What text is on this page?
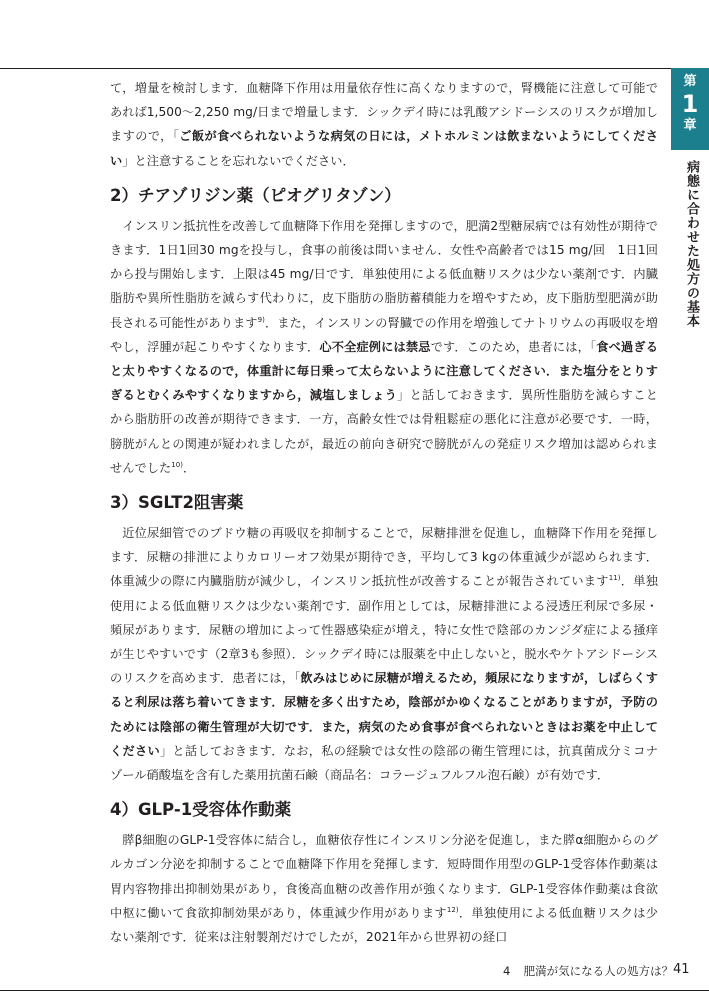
第
1
章
病態に合わせた処方の基本

て，増量を検討します．血糖降下作用は用量依存性に高くなりますので，腎機能に注意して可能であれば1,500～2,250 mg/日まで増量します．シックデイ時には乳酸アシドーシスのリスクが増加しますので，「ご飯が食べられないような病気の日には，メトホルミンは飲まないようにしてください」と注意することを忘れないでください．

2）チアゾリジン薬（ピオグリタゾン）

インスリン抵抗性を改善して血糖降下作用を発揮しますので，肥満2型糖尿病では有効性が期待できます．1日1回30 mgを投与し，食事の前後は問いません．女性や高齢者では15 mg/回　1日1回から投与開始します．上限は45 mg/日です．単独使用による低血糖リスクは少ない薬剤です．内臓脂肪や異所性脂肪を減らす代わりに，皮下脂肪の脂肪蓄積能力を増やすため，皮下脂肪型肥満が助長される可能性があります$^{9)}$．また，インスリンの腎臓での作用を増強してナトリウムの再吸収を増やし，浮腫が起こりやすくなります．心不全症例には禁忌です．このため，患者には，「食べ過ぎると太りやすくなるので，体重計に毎日乗って太らないように注意してください．また塩分をとりすぎるとむくみやすくなりますから，減塩しましょう」と話しておきます．異所性脂肪を減らすことから脂肪肝の改善が期待できます．一方，高齢女性では骨粗鬆症の悪化に注意が必要です．一時，膀胱がんとの関連が疑われましたが，最近の前向き研究で膀胱がんの発症リスク増加は認められませんでした$^{10)}$．

3）SGLT2阻害薬

近位尿細管でのブドウ糖の再吸収を抑制することで，尿糖排泄を促進し，血糖降下作用を発揮します．尿糖の排泄によりカロリーオフ効果が期待でき，平均して3 kgの体重減少が認められます．体重減少の際に内臓脂肪が減少し，インスリン抵抗性が改善することが報告されています$^{11)}$．単独使用による低血糖リスクは少ない薬剤です．副作用としては，尿糖排泄による浸透圧利尿で多尿・頻尿があります．尿糖の増加によって性器感染症が増え，特に女性で陰部のカンジダ症による掻痒が生じやすいです（2章3も参照）．シックデイ時には服薬を中止しないと，脱水やケトアシドーシスのリスクを高めます．患者には，「飲みはじめに尿糖が増えるため，頻尿になりますが，しばらくすると利尿は落ち着いてきます．尿糖を多く出すため，陰部がかゆくなることがありますが，予防のためには陰部の衛生管理が大切です．また，病気のため食事が食べられないときはお薬を中止してください」と話しておきます．なお，私の経験では女性の陰部の衛生管理には，抗真菌成分ミコナゾール硝酸塩を含有した薬用抗菌石鹸（商品名：コラージュフルフル泡石鹸）が有効です．

4）GLP-1受容体作動薬

膵β細胞のGLP-1受容体に結合し，血糖依存性にインスリン分泌を促進し，また膵α細胞からのグルカゴン分泌を抑制することで血糖降下作用を発揮します．短時間作用型のGLP-1受容体作動薬は胃内容物排出抑制効果があり，食後高血糖の改善作用が強くなります．GLP-1受容体作動薬は食欲中枢に働いて食欲抑制効果があり，体重減少作用があります$^{12)}$．単独使用による低血糖リスクは少ない薬剤です．従来は注射製剤だけでしたが，2021年から世界初の経口

4 肥満が気になる人の処方は？ 41
